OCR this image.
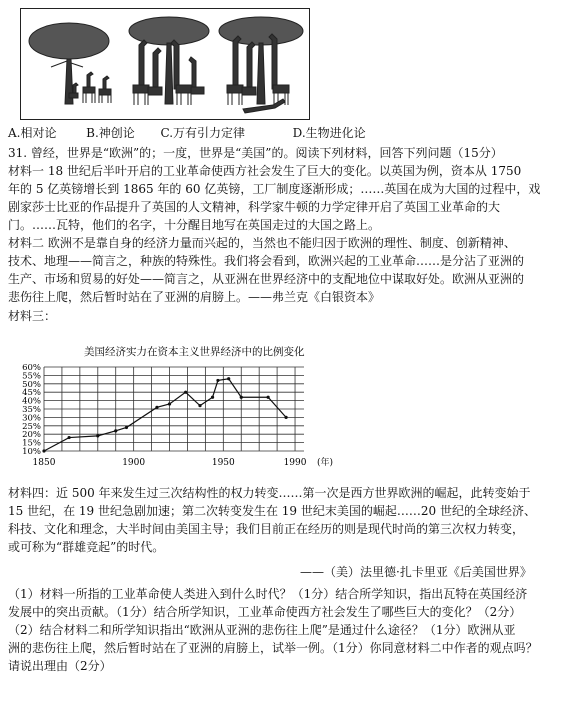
A.相对论 B.神创论 C.万有引力定律	D.生物进化论
31. 曾经，世界是“欧洲”的；一度，世界是“美国”的。阅读下列材料，回答下列问题（15分）
材料一 18 世纪后半叶开启的工业革命使西方社会发生了巨大的变化。以英国为例，资本从 1750
年的 5 亿英镑增长到 1865 年的 60 亿英镑，工厂制度逐渐形成；……英国在成为大国的过程中，戏
剧家莎士比亚的作品提升了英国的人文精神，科学家牛顿的力学定律开启了英国工业革命的大
门。……瓦特，他们的名字，十分醒目地写在英国走过的大国之路上。
材料二 欧洲不是靠自身的经济力量而兴起的，当然也不能归因于欧洲的理性、制度、创新精神、
技术、地理——简言之，种族的特殊性。我们将会看到，欧洲兴起的工业革命……是分沾了亚洲的
生产、市场和贸易的好处——简言之，从亚洲在世界经济中的支配地位中谋取好处。欧洲从亚洲的
悲伤往上爬，然后暂时站在了亚洲的肩膀上。——弗兰克《白银资本》
材料三：
美国经济实力在资本主义世界经济中的比例变化
10%
15%
20%
25%
30%
35%
40%
45%
50%
55%
60%
1850	1900	1950	1990 (年)
材料四：近 500 年来发生过三次结构性的权力转变……第一次是西方世界欧洲的崛起，此转变始于
15 世纪，在 19 世纪急剧加速；第二次转变发生在 19 世纪末美国的崛起……20 世纪的全球经济、
科技、文化和理念，大半时间由美国主导；我们目前正在经历的则是现代时尚的第三次权力转变，
或可称为“群雄竞起”的时代。
——（美）法里德·扎卡里亚《后美国世界》
（1）材料一所指的工业革命使人类进入到什么时代？（1分）结合所学知识，指出瓦特在英国经济
发展中的突出贡献。（1分）结合所学知识，工业革命使西方社会发生了哪些巨大的变化？（2分）
（2）结合材料二和所学知识指出“欧洲从亚洲的悲伤往上爬”是通过什么途径？（1分）欧洲从亚
洲的悲伤往上爬，然后暂时站在了亚洲的肩膀上，试举一例。（1分）你同意材料二中作者的观点吗？
请说出理由（2分）
